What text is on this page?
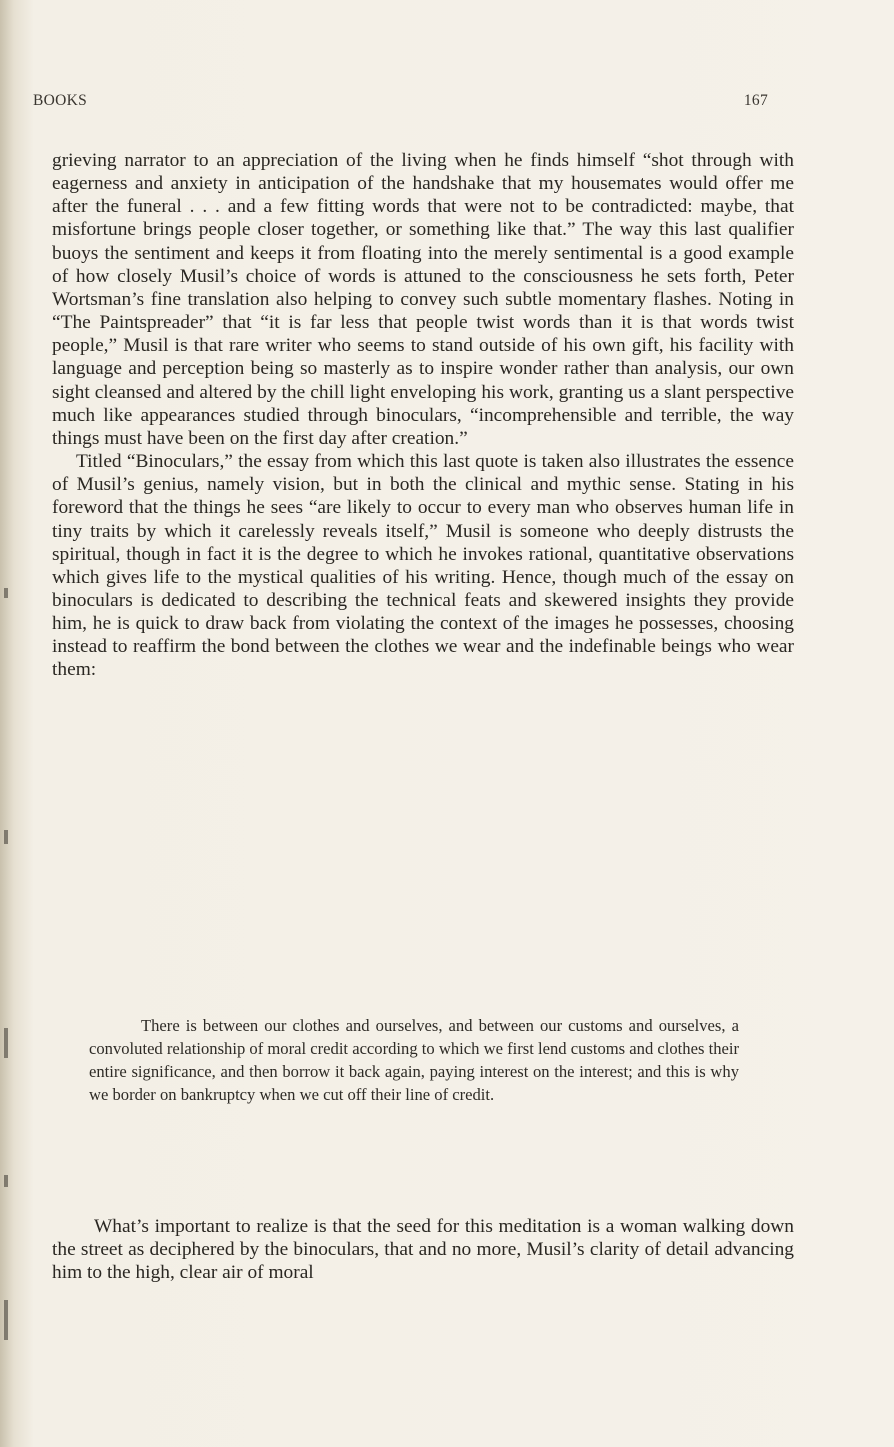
BOOKS	167

grieving narrator to an appreciation of the living when he finds himself “shot through with eagerness and anxiety in anticipation of the handshake that my housemates would offer me after the funeral . . . and a few fitting words that were not to be contradicted: maybe, that misfortune brings people closer together, or something like that.” The way this last qualifier buoys the sentiment and keeps it from floating into the merely sentimental is a good example of how closely Musil’s choice of words is attuned to the consciousness he sets forth, Peter Wortsman’s fine translation also helping to convey such subtle momentary flashes. Noting in “The Paintspreader” that “it is far less that people twist words than it is that words twist people,” Musil is that rare writer who seems to stand outside of his own gift, his facility with language and perception being so masterly as to inspire wonder rather than analysis, our own sight cleansed and altered by the chill light enveloping his work, granting us a slant perspective much like appearances studied through binoculars, “incomprehensible and terrible, the way things must have been on the first day after creation.”

Titled “Binoculars,” the essay from which this last quote is taken also illustrates the essence of Musil’s genius, namely vision, but in both the clinical and mythic sense. Stating in his foreword that the things he sees “are likely to occur to every man who observes human life in tiny traits by which it carelessly reveals itself,” Musil is someone who deeply distrusts the spiritual, though in fact it is the degree to which he invokes rational, quantitative observations which gives life to the mystical qualities of his writing. Hence, though much of the essay on binoculars is dedicated to describing the technical feats and skewered insights they provide him, he is quick to draw back from violating the context of the images he possesses, choosing instead to reaffirm the bond between the clothes we wear and the indefinable beings who wear them:

There is between our clothes and ourselves, and between our customs and ourselves, a convoluted relationship of moral credit according to which we first lend customs and clothes their entire significance, and then borrow it back again, paying interest on the interest; and this is why we border on bankruptcy when we cut off their line of credit.

What’s important to realize is that the seed for this meditation is a woman walking down the street as deciphered by the binoculars, that and no more, Musil’s clarity of detail advancing him to the high, clear air of moral
